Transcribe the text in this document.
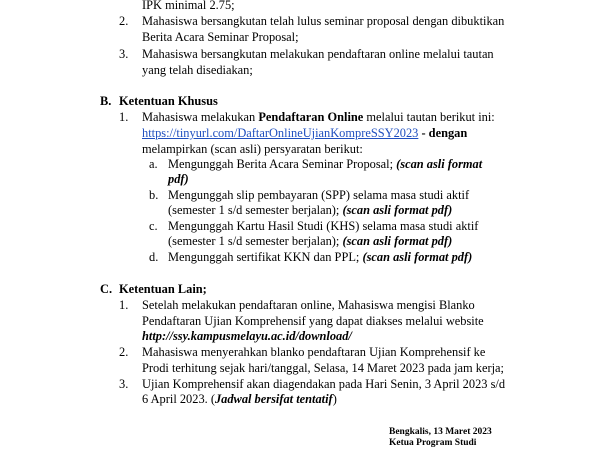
IPK minimal 2.75;
2. Mahasiswa bersangkutan telah lulus seminar proposal dengan dibuktikan
Berita Acara Seminar Proposal;
3. Mahasiswa bersangkutan melakukan pendaftaran online melalui tautan
yang telah disediakan;
B. Ketentuan Khusus
1. Mahasiswa melakukan Pendaftaran Online melalui tautan berikut ini:
https://tinyurl.com/DaftarOnlineUjianKompreSSY2023 - dengan
melampirkan (scan asli) persyaratan berikut:
a. Mengunggah Berita Acara Seminar Proposal; (scan asli format
pdf)
b. Mengunggah slip pembayaran (SPP) selama masa studi aktif
(semester 1 s/d semester berjalan); (scan asli format pdf)
c. Mengunggah Kartu Hasil Studi (KHS) selama masa studi aktif
(semester 1 s/d semester berjalan); (scan asli format pdf)
d. Mengunggah sertifikat KKN dan PPL; (scan asli format pdf)
C. Ketentuan Lain;
1. Setelah melakukan pendaftaran online, Mahasiswa mengisi Blanko
Pendaftaran Ujian Komprehensif yang dapat diakses melalui website
http://ssy.kampusmelayu.ac.id/download/
2. Mahasiswa menyerahkan blanko pendaftaran Ujian Komprehensif ke
Prodi terhitung sejak hari/tanggal, Selasa, 14 Maret 2023 pada jam kerja;
3. Ujian Komprehensif akan diagendakan pada Hari Senin, 3 April 2023 s/d
6 April 2023. (Jadwal bersifat tentatif)
Bengkalis, 13 Maret 2023
Ketua Program Studi
